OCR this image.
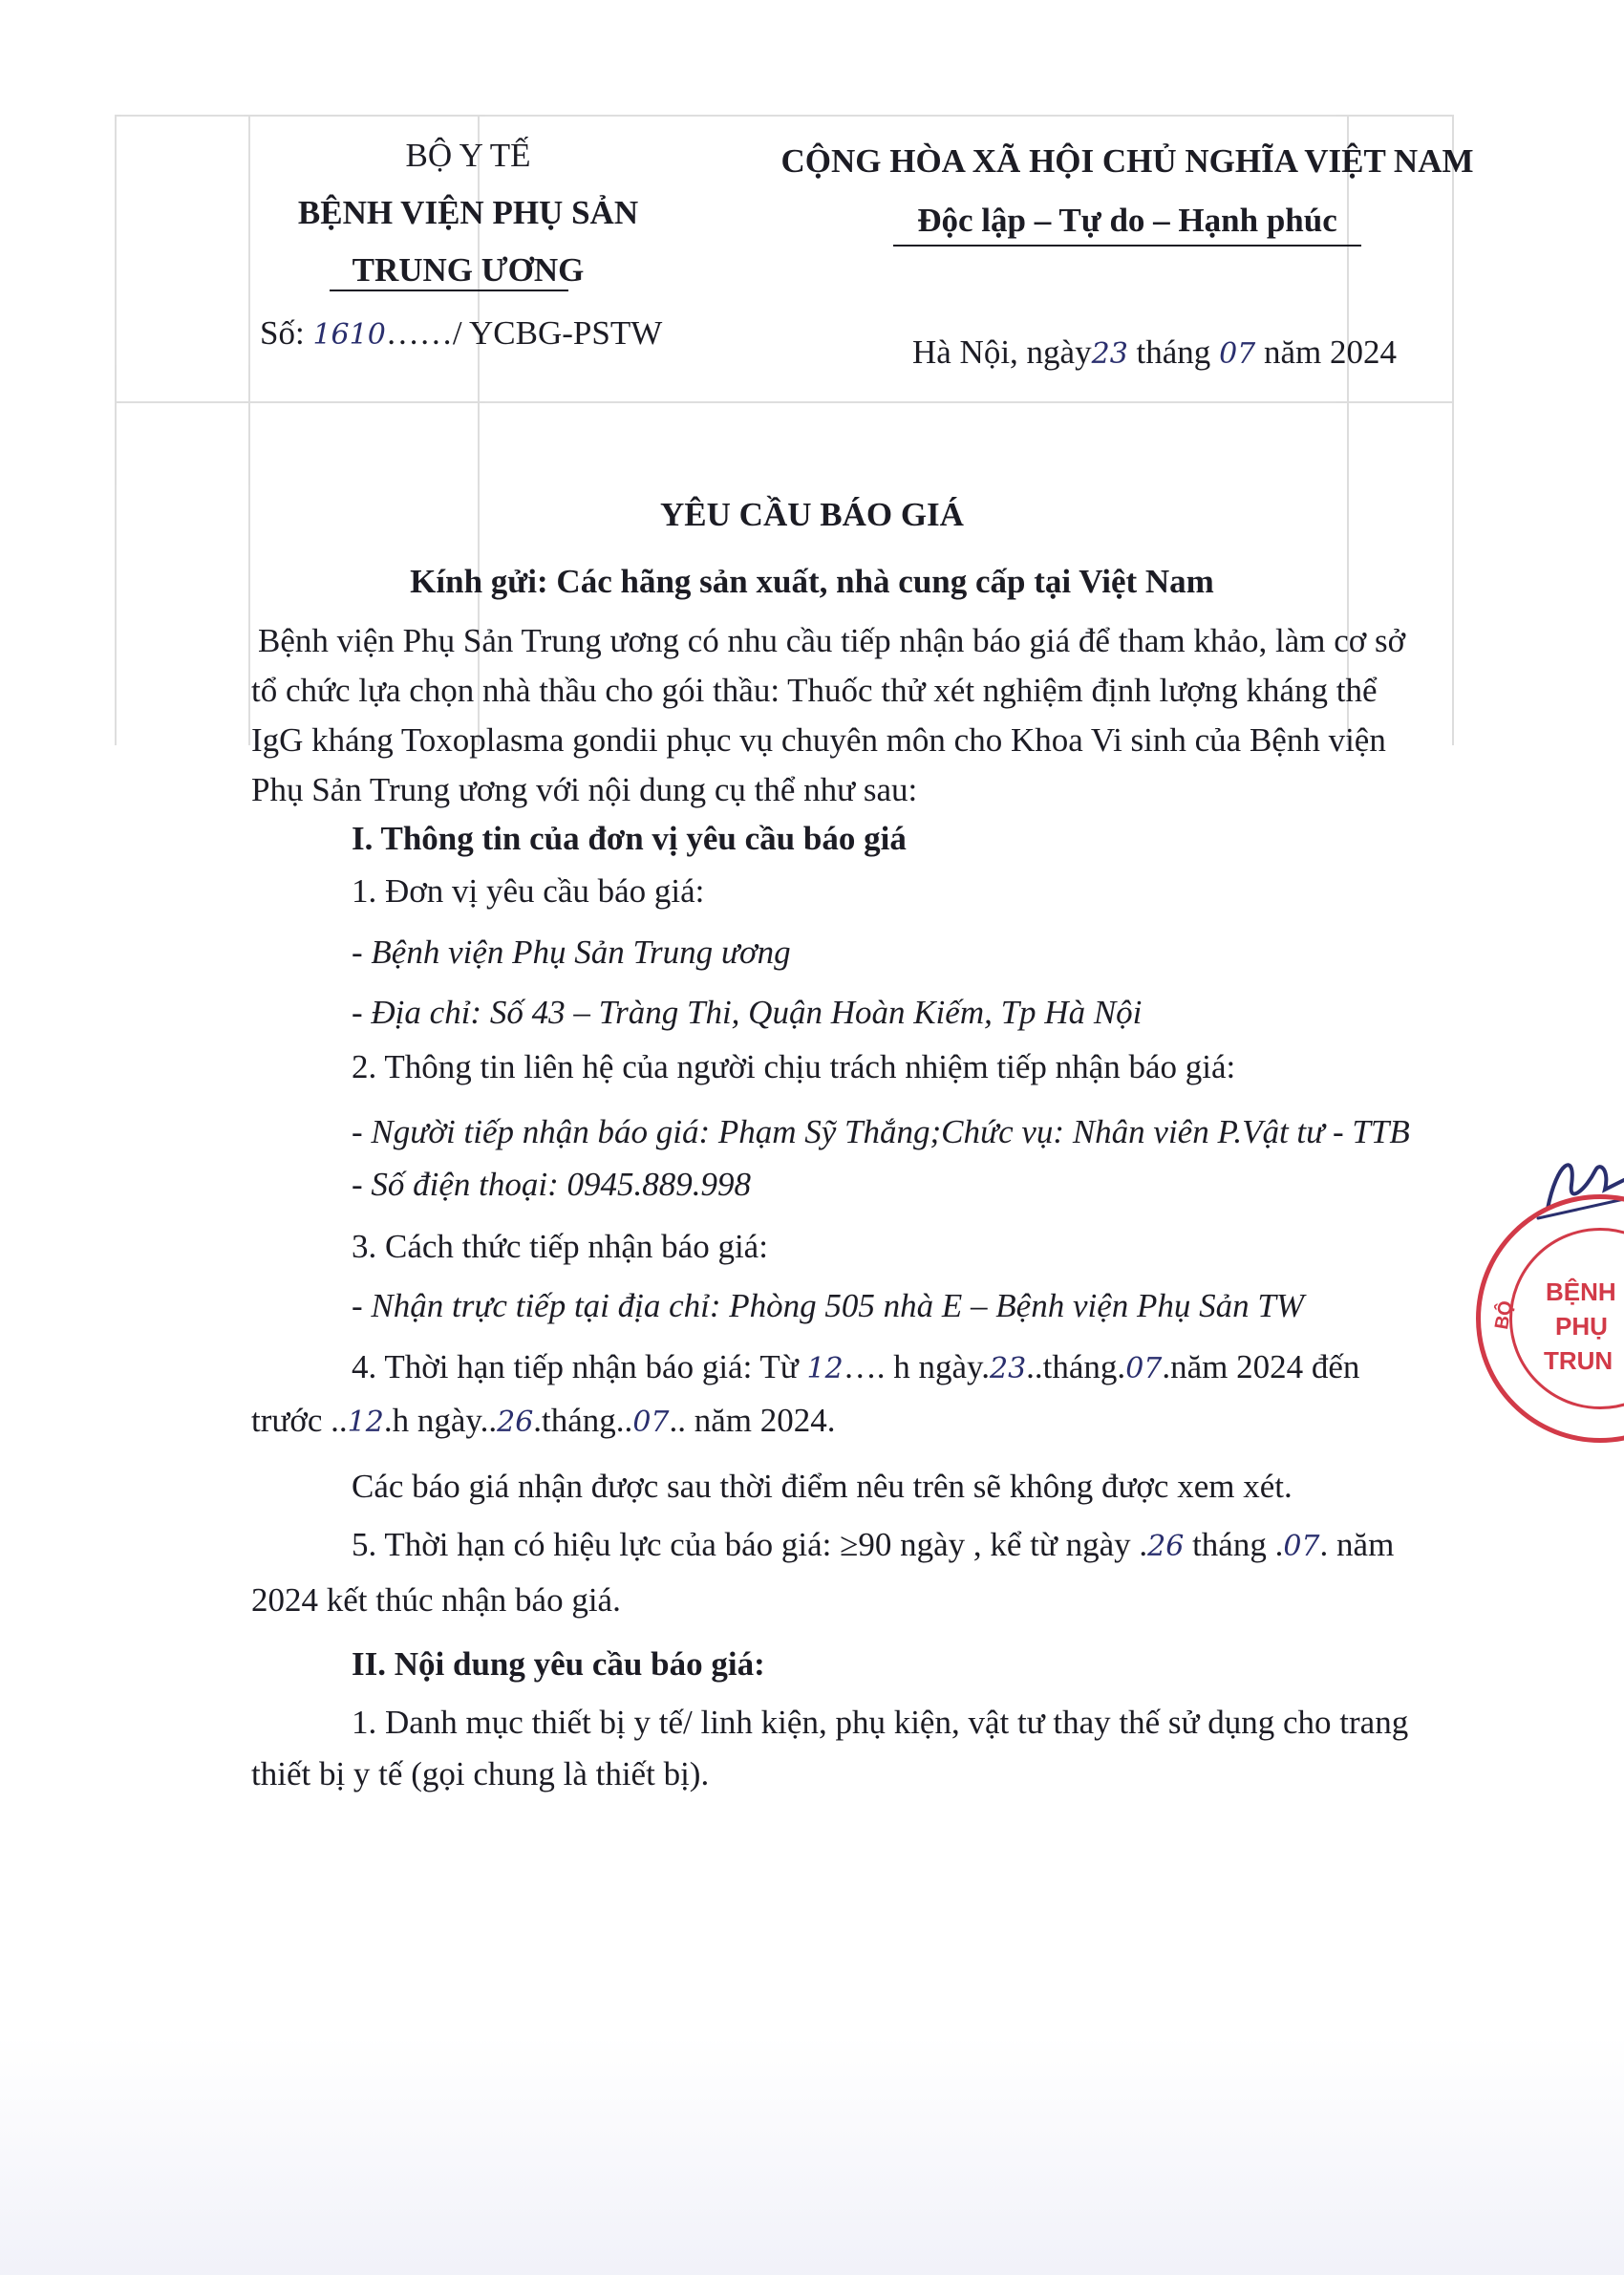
BỘ Y TẾ
BỆNH VIỆN PHỤ SẢN
TRUNG ƯƠNG
Số: 1610……/ YCBG-PSTW
CỘNG HÒA XÃ HỘI CHỦ NGHĨA VIỆT NAM
Độc lập – Tự do – Hạnh phúc
Hà Nội, ngày23 tháng 07 năm 2024
YÊU CẦU BÁO GIÁ
Kính gửi: Các hãng sản xuất, nhà cung cấp tại Việt Nam
Bệnh viện Phụ Sản Trung ương có nhu cầu tiếp nhận báo giá để tham khảo, làm cơ sở
tổ chức lựa chọn nhà thầu cho gói thầu: Thuốc thử xét nghiệm định lượng kháng thể
IgG kháng Toxoplasma gondii phục vụ chuyên môn cho Khoa Vi sinh của Bệnh viện
Phụ Sản Trung ương với nội dung cụ thể như sau:
I. Thông tin của đơn vị yêu cầu báo giá
1. Đơn vị yêu cầu báo giá:
- Bệnh viện Phụ Sản Trung ương
- Địa chỉ: Số 43 – Tràng Thi, Quận Hoàn Kiếm, Tp Hà Nội
2. Thông tin liên hệ của người chịu trách nhiệm tiếp nhận báo giá:
- Người tiếp nhận báo giá: Phạm Sỹ Thắng;Chức vụ: Nhân viên P.Vật tư - TTB
- Số điện thoại: 0945.889.998
3. Cách thức tiếp nhận báo giá:
- Nhận trực tiếp tại địa chỉ: Phòng 505 nhà E – Bệnh viện Phụ Sản TW
4. Thời hạn tiếp nhận báo giá: Từ 12…. h ngày.23..tháng.07.năm 2024 đến
trước ..12.h ngày..26.tháng..07.. năm 2024.
Các báo giá nhận được sau thời điểm nêu trên sẽ không được xem xét.
5. Thời hạn có hiệu lực của báo giá: ≥90 ngày , kể từ ngày .26 tháng .07. năm
2024 kết thúc nhận báo giá.
II. Nội dung yêu cầu báo giá:
1. Danh mục thiết bị y tế/ linh kiện, phụ kiện, vật tư thay thế sử dụng cho trang
thiết bị y tế (gọi chung là thiết bị).
BỆNH
PHỤ
TRUN
BỘ
